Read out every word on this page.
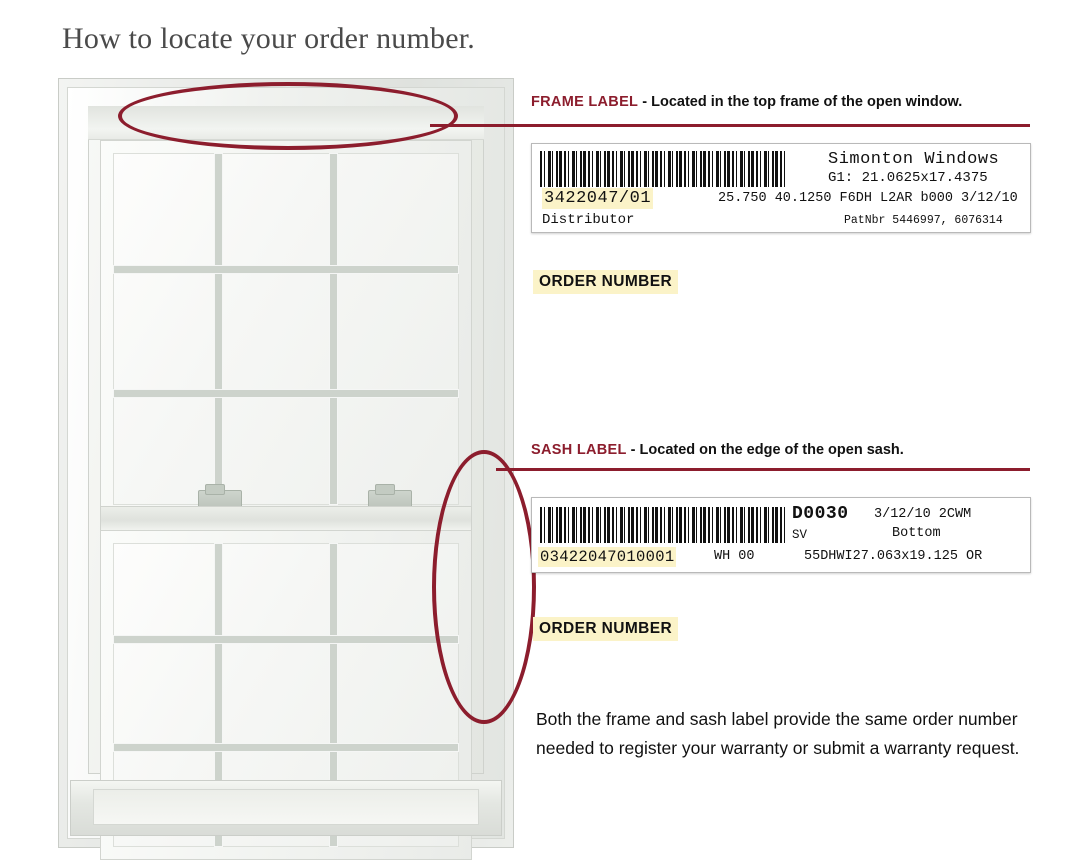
How to locate your order number.
FRAME LABEL - Located in the top frame of the open window.
Simonton Windows
G1: 21.0625x17.4375
3422047/01	25.750 40.1250 F6DH L2AR b000 3/12/10
Distributor	PatNbr 5446997, 6076314
ORDER NUMBER
SASH LABEL - Located on the edge of the open sash.
D0030 3/12/10 2CWM
SV	Bottom
03422047010001	WH 00	55DHWI27.063x19.125 OR
ORDER NUMBER
Both the frame and sash label provide the same order number needed to register your warranty or submit a warranty request.
